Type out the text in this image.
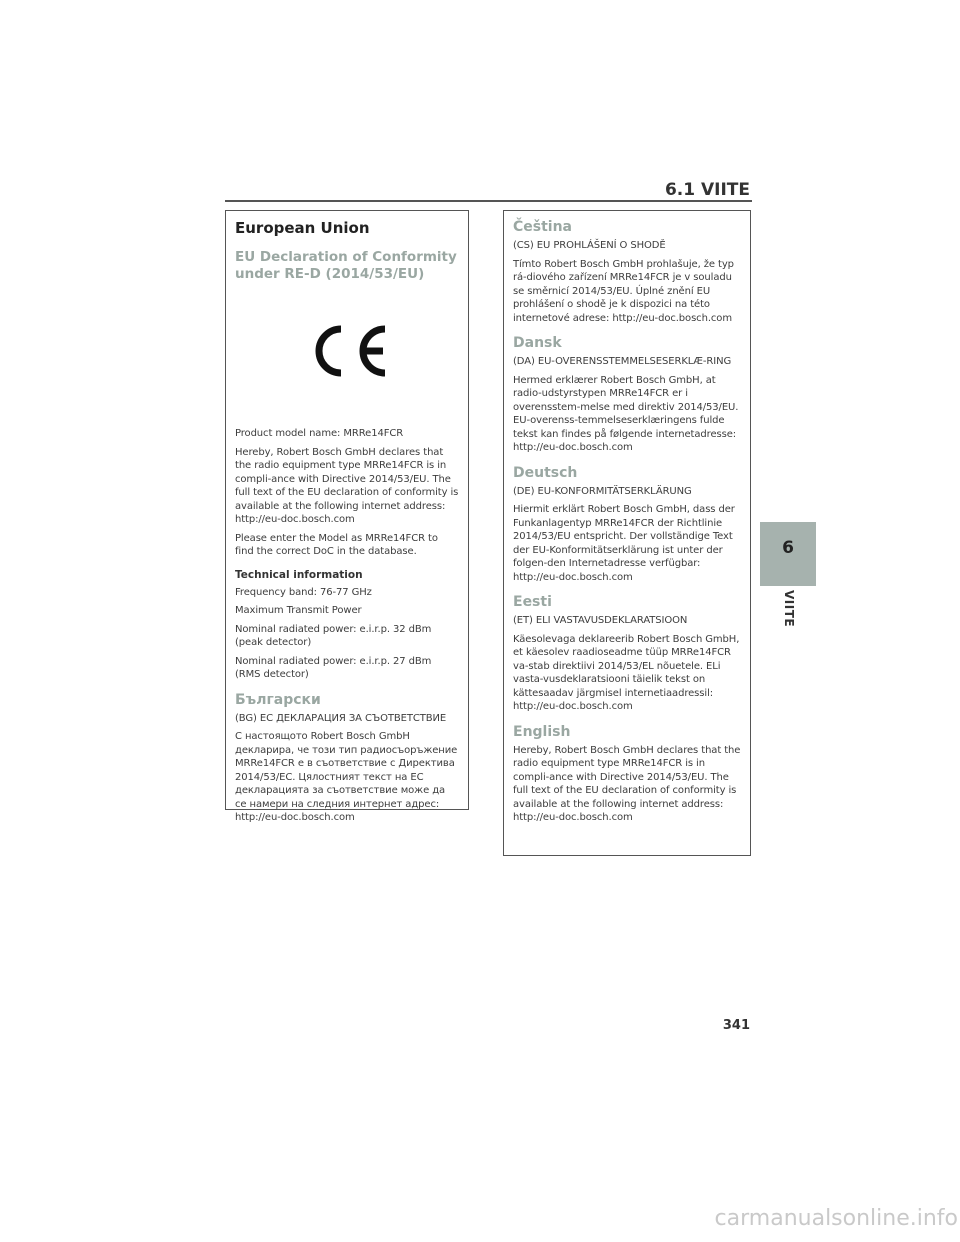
6.1 VIITE
European Union
EU Declaration of Conformity under RE-D (2014/53/EU)

Product model name: MRRe14FCR

Hereby, Robert Bosch GmbH declares that the radio equipment type MRRe14FCR is in compli-ance with Directive 2014/53/EU. The full text of the EU declaration of conformity is available at the following internet address: http://eu-doc.bosch.com

Please enter the Model as MRRe14FCR to find the correct DoC in the database.

Technical information

Frequency band: 76-77 GHz

Maximum Transmit Power

Nominal radiated power: e.i.r.p. 32 dBm (peak detector)

Nominal radiated power: e.i.r.p. 27 dBm (RMS detector)

Български

(BG) ЕС ДЕКЛАРАЦИЯ ЗА СЪОТВЕТСТВИЕ

С настоящото Robert Bosch GmbH декларира, че този тип радиосъоръжение MRRe14FCR е в съответствие с Директива 2014/53/ЕС. Цялостният текст на ЕС декларацията за съответствие може да се намери на следния интернет адрес: http://eu-doc.bosch.com

Čeština

(CS) EU PROHLÁŠENÍ O SHODĚ

Tímto Robert Bosch GmbH prohlašuje, že typ rá-diového zařízení MRRe14FCR je v souladu se směrnicí 2014/53/EU. Úplné znění EU prohlášení o shodě je k dispozici na této internetové adrese: http://eu-doc.bosch.com

Dansk

(DA) EU-OVERENSSTEMMELSESERKLÆ-RING

Hermed erklærer Robert Bosch GmbH, at radio-udstyrstypen MRRe14FCR er i overensstem-melse med direktiv 2014/53/EU. EU-overenss-temmelseserklæringens fulde tekst kan findes på følgende internetadresse: http://eu-doc.bosch.com

Deutsch

(DE) EU-KONFORMITÄTSERKLÄRUNG

Hiermit erklärt Robert Bosch GmbH, dass der Funkanlagentyp MRRe14FCR der Richtlinie 2014/53/EU entspricht. Der vollständige Text der EU-Konformitätserklärung ist unter der folgen-den Internetadresse verfügbar: http://eu-doc.bosch.com

Eesti

(ET) ELI VASTAVUSDEKLARATSIOON

Käesolevaga deklareerib Robert Bosch GmbH, et käesolev raadioseadme tüüp MRRe14FCR va-stab direktiivi 2014/53/EL nõuetele. ELi vasta-vusdeklaratsiooni täielik tekst on kättesaadav järgmisel internetiaadressil: http://eu-doc.bosch.com

English

Hereby, Robert Bosch GmbH declares that the radio equipment type MRRe14FCR is in compli-ance with Directive 2014/53/EU. The full text of the EU declaration of conformity is available at the following internet address: http://eu-doc.bosch.com

6
VIITE
341
carmanualsonline.info
